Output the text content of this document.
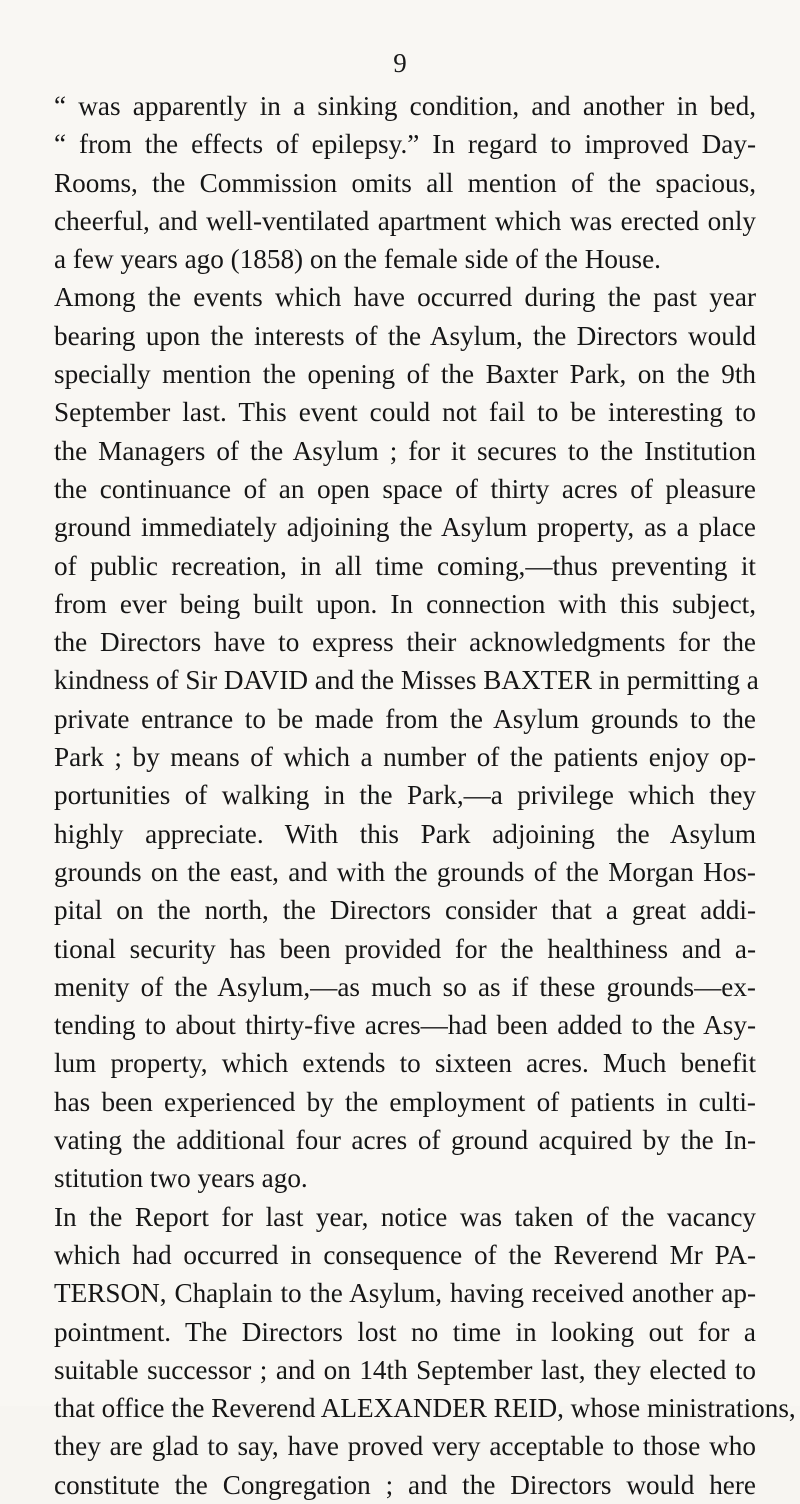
9
“ was apparently in a sinking condition, and another in bed,
“ from the effects of epilepsy.” In regard to improved Day-
Rooms, the Commission omits all mention of the spacious,
cheerful, and well-ventilated apartment which was erected only
a few years ago (1858) on the female side of the House.
Among the events which have occurred during the past year
bearing upon the interests of the Asylum, the Directors would
specially mention the opening of the Baxter Park, on the 9th
September last. This event could not fail to be interesting to
the Managers of the Asylum ; for it secures to the Institution
the continuance of an open space of thirty acres of pleasure
ground immediately adjoining the Asylum property, as a place
of public recreation, in all time coming,—thus preventing it
from ever being built upon. In connection with this subject,
the Directors have to express their acknowledgments for the
kindness of Sir DAVID and the Misses BAXTER in permitting a
private entrance to be made from the Asylum grounds to the
Park ; by means of which a number of the patients enjoy op-
portunities of walking in the Park,—a privilege which they
highly appreciate. With this Park adjoining the Asylum
grounds on the east, and with the grounds of the Morgan Hos-
pital on the north, the Directors consider that a great addi-
tional security has been provided for the healthiness and a-
menity of the Asylum,—as much so as if these grounds—ex-
tending to about thirty-five acres—had been added to the Asy-
lum property, which extends to sixteen acres. Much benefit
has been experienced by the employment of patients in culti-
vating the additional four acres of ground acquired by the In-
stitution two years ago.
In the Report for last year, notice was taken of the vacancy
which had occurred in consequence of the Reverend Mr PA-
TERSON, Chaplain to the Asylum, having received another ap-
pointment. The Directors lost no time in looking out for a
suitable successor ; and on 14th September last, they elected to
that office the Reverend ALEXANDER REID, whose ministrations,
they are glad to say, have proved very acceptable to those who
constitute the Congregation ; and the Directors would here
